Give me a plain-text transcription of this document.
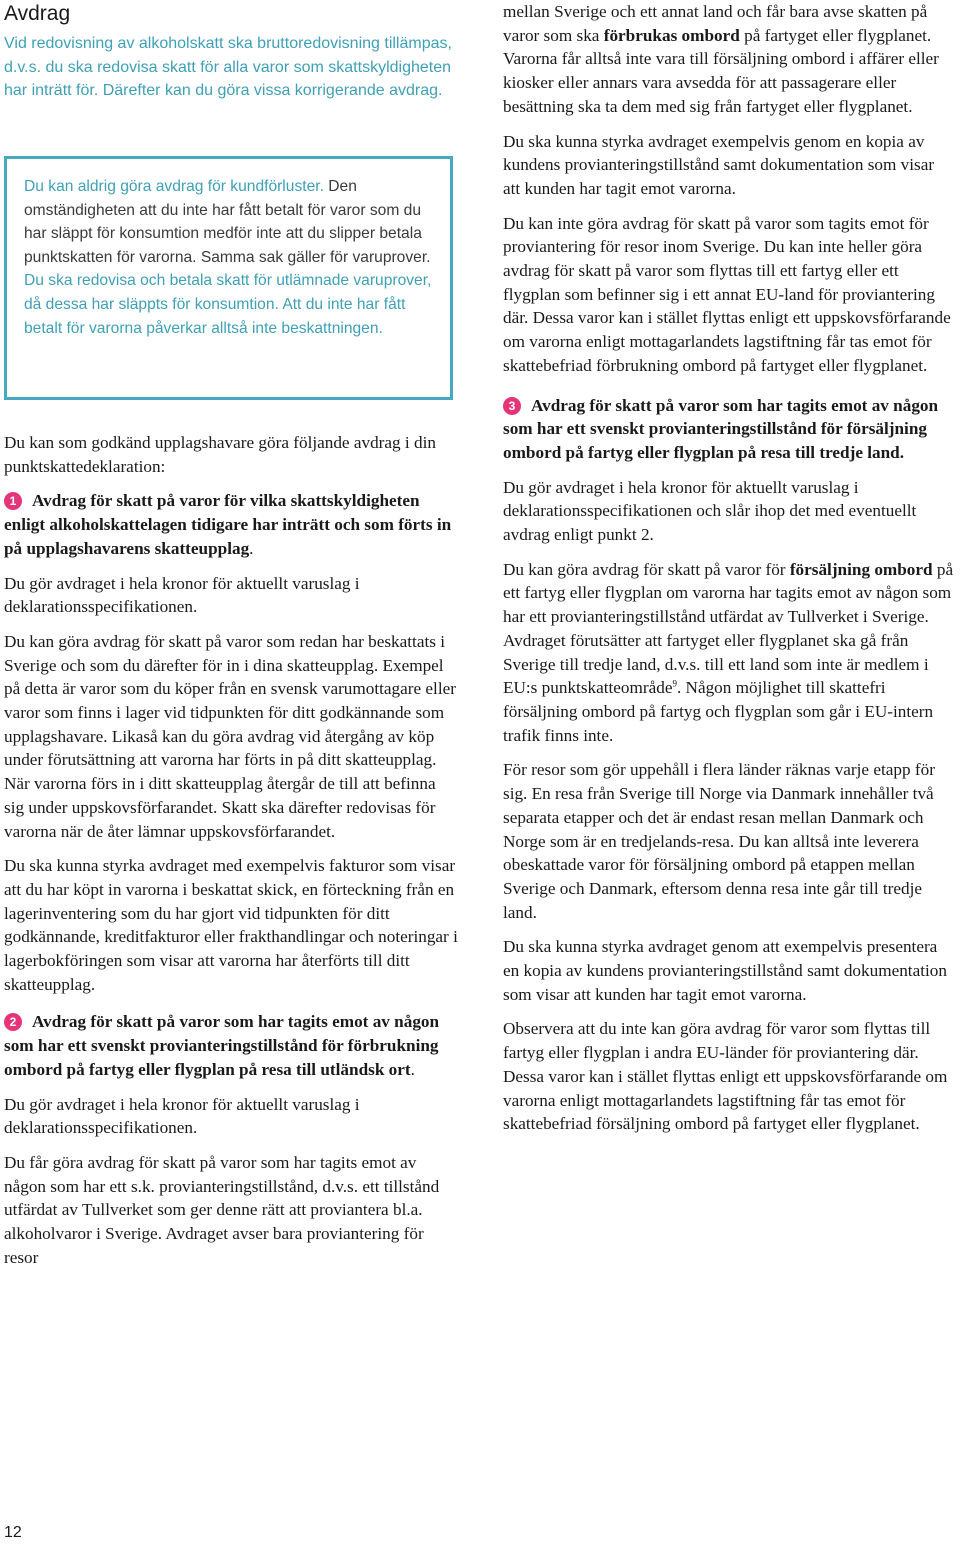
Avdrag

Vid redovisning av alkoholskatt ska bruttoredovisning tillämpas, d.v.s. du ska redovisa skatt för alla varor som skattskyldigheten har inträtt för. Därefter kan du göra vissa korrigerande avdrag.

Du kan aldrig göra avdrag för kundförluster. Den omständigheten att du inte har fått betalt för varor som du har släppt för konsumtion medför inte att du slipper betala punktskatten för varorna. Samma sak gäller för varuprover. Du ska redovisa och betala skatt för utlämnade varuprover, då dessa har släppts för konsumtion. Att du inte har fått betalt för varorna påverkar alltså inte beskattningen.

Du kan som godkänd upplagshavare göra följande avdrag i din punktskattedeklaration:

1 Avdrag för skatt på varor för vilka skattskyldigheten enligt alkoholskattelagen tidigare har inträtt och som förts in på upplagshavarens skatteupplag.

Du gör avdraget i hela kronor för aktuellt varuslag i deklarationsspecifikationen.

Du kan göra avdrag för skatt på varor som redan har beskattats i Sverige och som du därefter för in i dina skatteupplag. Exempel på detta är varor som du köper från en svensk varumottagare eller varor som finns i lager vid tidpunkten för ditt godkännande som upplagshavare. Likaså kan du göra avdrag vid återgång av köp under förutsättning att varorna har förts in på ditt skatteupplag. När varorna förs in i ditt skatteupplag återgår de till att befinna sig under uppskovsförfarandet. Skatt ska därefter redovisas för varorna när de åter lämnar uppskovsförfarandet.

Du ska kunna styrka avdraget med exempelvis fakturor som visar att du har köpt in varorna i beskattat skick, en förteckning från en lagerinventering som du har gjort vid tidpunkten för ditt godkännande, kreditfakturor eller frakthandlingar och noteringar i lagerbokföringen som visar att varorna har återförts till ditt skatteupplag.

2 Avdrag för skatt på varor som har tagits emot av någon som har ett svenskt provianteringstillstånd för förbrukning ombord på fartyg eller flygplan på resa till utländsk ort.

Du gör avdraget i hela kronor för aktuellt varuslag i deklarationsspecifikationen.

Du får göra avdrag för skatt på varor som har tagits emot av någon som har ett s.k. provianteringstillstånd, d.v.s. ett tillstånd utfärdat av Tullverket som ger denne rätt att proviantera bl.a. alkoholvaror i Sverige. Avdraget avser bara proviantering för resor

mellan Sverige och ett annat land och får bara avse skatten på varor som ska förbrukas ombord på fartyget eller flygplanet. Varorna får alltså inte vara till försäljning ombord i affärer eller kiosker eller annars vara avsedda för att passagerare eller besättning ska ta dem med sig från fartyget eller flygplanet.

Du ska kunna styrka avdraget exempelvis genom en kopia av kundens provianteringstillstånd samt dokumentation som visar att kunden har tagit emot varorna.

Du kan inte göra avdrag för skatt på varor som tagits emot för proviantering för resor inom Sverige. Du kan inte heller göra avdrag för skatt på varor som flyttas till ett fartyg eller ett flygplan som befinner sig i ett annat EU-land för proviantering där. Dessa varor kan i stället flyttas enligt ett uppskovsförfarande om varorna enligt mottagarlandets lagstiftning får tas emot för skattebefriad förbrukning ombord på fartyget eller flygplanet.

3 Avdrag för skatt på varor som har tagits emot av någon som har ett svenskt provianteringstillstånd för försäljning ombord på fartyg eller flygplan på resa till tredje land.

Du gör avdraget i hela kronor för aktuellt varuslag i deklarationsspecifikationen och slår ihop det med eventuellt avdrag enligt punkt 2.

Du kan göra avdrag för skatt på varor för försäljning ombord på ett fartyg eller flygplan om varorna har tagits emot av någon som har ett provianteringstillstånd utfärdat av Tullverket i Sverige. Avdraget förutsätter att fartyget eller flygplanet ska gå från Sverige till tredje land, d.v.s. till ett land som inte är medlem i EU:s punktskatteområde$^9$. Någon möjlighet till skattefri försäljning ombord på fartyg och flygplan som går i EU-intern trafik finns inte.

För resor som gör uppehåll i flera länder räknas varje etapp för sig. En resa från Sverige till Norge via Danmark innehåller två separata etapper och det är endast resan mellan Danmark och Norge som är en tredjelands-resa. Du kan alltså inte leverera obeskattade varor för försäljning ombord på etappen mellan Sverige och Danmark, eftersom denna resa inte går till tredje land.

Du ska kunna styrka avdraget genom att exempelvis presentera en kopia av kundens provianteringstillstånd samt dokumentation som visar att kunden har tagit emot varorna.

Observera att du inte kan göra avdrag för varor som flyttas till fartyg eller flygplan i andra EU-länder för proviantering där. Dessa varor kan i stället flyttas enligt ett uppskovsförfarande om varorna enligt mottagarlandets lagstiftning får tas emot för skattebefriad försäljning ombord på fartyget eller flygplanet.

12
